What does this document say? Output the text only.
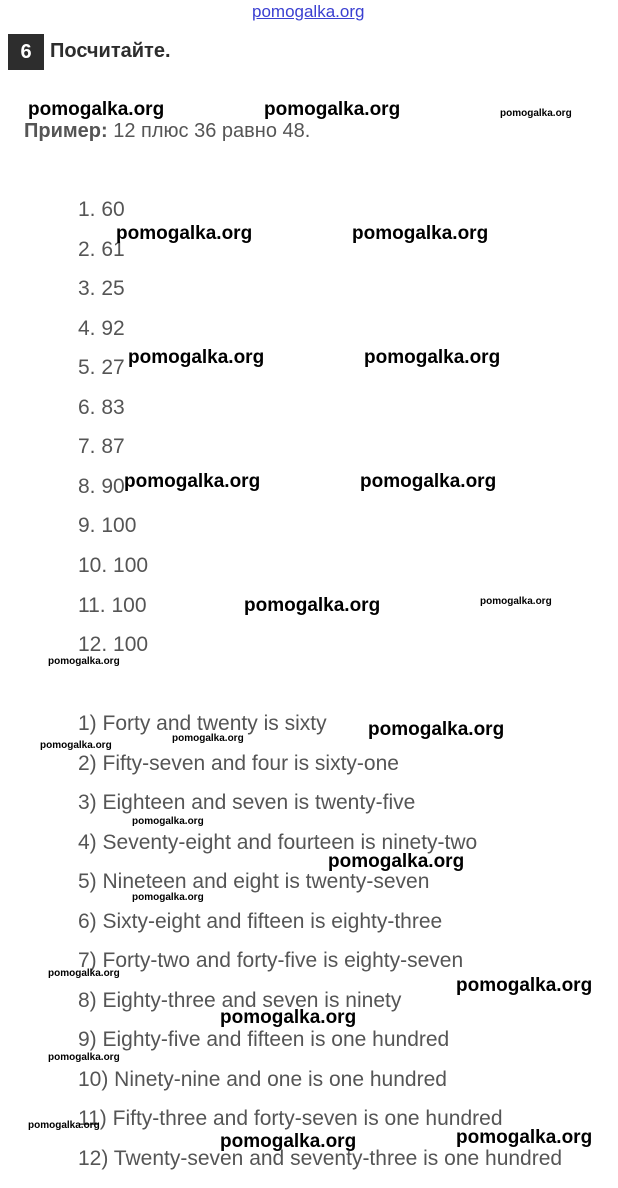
6 Посчитайте.
Пример: 12 плюс 36 равно 48.
1. 60
2. 61
3. 25
4. 92
5. 27
6. 83
7. 87
8. 90
9. 100
10. 100
11. 100
12. 100
1) Forty and twenty is sixty
2) Fifty-seven and four is sixty-one
3) Eighteen and seven is twenty-five
4) Seventy-eight and fourteen is ninety-two
5) Nineteen and eight is twenty-seven
6) Sixty-eight and fifteen is eighty-three
7) Forty-two and forty-five is eighty-seven
8) Eighty-three and seven is ninety
9) Eighty-five and fifteen is one hundred
10) Ninety-nine and one is one hundred
11) Fifty-three and forty-seven is one hundred
12) Twenty-seven and seventy-three is one hundred
pomogalka.org
pomogalka.org	pomogalka.org	pomogalka.org
pomogalka.org	pomogalka.org
pomogalka.org	pomogalka.org
pomogalka.org	pomogalka.org
pomogalka.org	pomogalka.org
pomogalka.org
pomogalka.org
pomogalka.org
pomogalka.org
pomogalka.org
pomogalka.org
pomogalka.org
pomogalka.org
pomogalka.org
pomogalka.org
pomogalka.org
pomogalka.org
pomogalka.org	pomogalka.org
